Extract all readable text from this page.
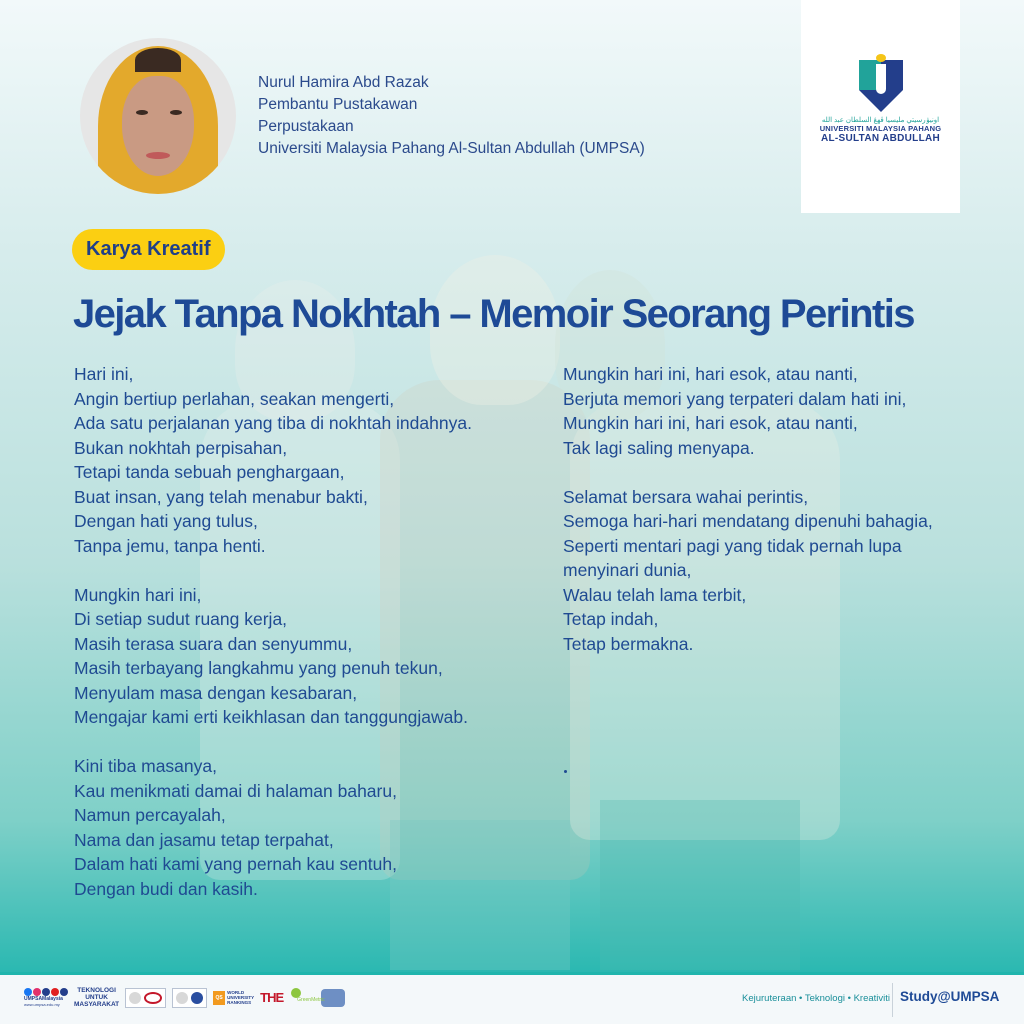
Nurul Hamira Abd Razak
Pembantu Pustakawan
Perpustakaan
Universiti Malaysia Pahang Al-Sultan Abdullah (UMPSA)
اونيۏرسيتي مليسيا ڤهڠ السلطان عبد الله
UNIVERSITI MALAYSIA PAHANG
AL-SULTAN ABDULLAH
Karya Kreatif
Jejak Tanpa Nokhtah – Memoir Seorang Perintis
Hari ini,
Angin bertiup perlahan, seakan mengerti,
Ada satu perjalanan yang tiba di nokhtah indahnya.
Bukan nokhtah perpisahan,
Tetapi tanda sebuah penghargaan,
Buat insan, yang telah menabur bakti,
Dengan hati yang tulus,
Tanpa jemu, tanpa henti.
Mungkin hari ini,
Di setiap sudut ruang kerja,
Masih terasa suara dan senyummu,
Masih terbayang langkahmu yang penuh tekun,
Menyulam masa dengan kesabaran,
Mengajar kami erti keikhlasan dan tanggungjawab.
Kini tiba masanya,
Kau menikmati damai di halaman baharu,
Namun percayalah,
Nama dan jasamu tetap terpahat,
Dalam hati kami yang pernah kau sentuh,
Dengan budi dan kasih.
Mungkin hari ini, hari esok, atau nanti,
Berjuta memori yang terpateri dalam hati ini,
Mungkin hari ini, hari esok, atau nanti,
Tak lagi saling menyapa.
Selamat bersara wahai perintis,
Semoga hari-hari mendatang dipenuhi bahagia,
Seperti mentari pagi yang tidak pernah lupa
menyinari dunia,
Walau telah lama terbit,
Tetap indah,
Tetap bermakna.
UMPSAMalaysia
www.umpsa.edu.my
TEKNOLOGI
UNTUK
MASYARAKAT
QS
WORLD
UNIVERSITY
RANKINGS THE	GreenMetric	Kejuruteraan • Teknologi • Kreativiti Study@UMPSA
